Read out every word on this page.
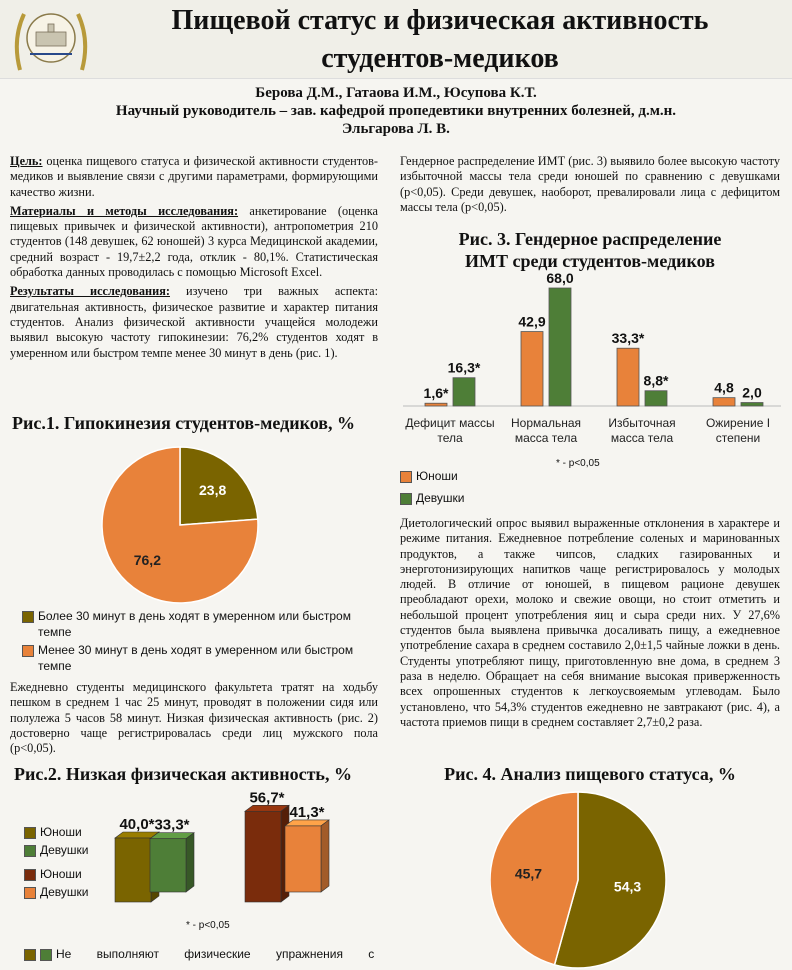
Пищевой статус и физическая активность
студентов-медиков
Берова Д.М., Гатаова И.М., Юсупова К.Т.
Научный руководитель – зав. кафедрой пропедевтики внутренних болезней, д.м.н.
Эльгарова Л. В.

Цель: оценка пищевого статуса и физической активности студентов-медиков и выявление связи с другими параметрами, формирующими качество жизни.

Материалы и методы исследования: анкетирование (оценка пищевых привычек и физической активности), антропометрия 210 студентов (148 девушек, 62 юношей) 3 курса Медицинской академии, средний возраст - 19,7±2,2 года, отклик - 80,1%. Статистическая обработка данных проводилась с помощью Microsoft Excel.

Результаты исследования: изучено три важных аспекта: двигательная активность, физическое развитие и характер питания студентов. Анализ физической активности учащейся молодежи выявил высокую частоту гипокинезии: 76,2% студентов ходят в умеренном или быстром темпе менее 30 минут в день (рис. 1).

Рис.1. Гипокинезия студентов-медиков, %
23,8
76,2
Более 30 минут в день ходят в умеренном или быстром темпе
Менее 30 минут в день ходят в умеренном или быстром темпе
Ежедневно студенты медицинского факультета тратят на ходьбу пешком в среднем 1 час 25 минут, проводят в положении сидя или полулежа 5 часов 58 минут. Низкая физическая активность (рис. 2) достоверно чаще регистрировалась среди лиц мужского пола (р<0,05).
Рис.2. Низкая физическая активность, %
Юноши
Девушки
Юноши
Девушки
40,0* 33,3*
56,7*
41,3*
* - p<0,05
Не выполняют физические упражнения с
Гендерное распределение ИМТ (рис. 3) выявило более высокую частоту избыточной массы тела среди юношей по сравнению с девушками (р<0,05). Среди девушек, наоборот, превалировали лица с дефицитом массы тела (р<0,05).
Рис. 3. Гендерное распределение
ИМТ среди студентов-медиков
1,6*
16,3*
Дефицит массы
тела
42,9
68,0
Нормальная
масса тела
33,3*
8,8*
Избыточная
масса тела
4,8 2,0
Ожирение I
степени
* - p<0,05
Юноши
Девушки
Диетологический опрос выявил выраженные отклонения в характере и режиме питания. Ежедневное потребление соленых и маринованных продуктов, а также чипсов, сладких газированных и энерготонизирующих напитков чаще регистрировалось у молодых людей. В отличие от юношей, в пищевом рационе девушек преобладают орехи, молоко и свежие овощи, но стоит отметить и небольшой процент употребления яиц и сыра среди них. У 27,6% студентов была выявлена привычка досаливать пищу, а ежедневное употребление сахара в среднем составило 2,0±1,5 чайные ложки в день. Студенты употребляют пищу, приготовленную вне дома, в среднем 3 раза в неделю. Обращает на себя внимание высокая приверженность всех опрошенных студентов к легкоусвояемым углеводам. Было установлено, что 54,3% студентов ежедневно не завтракают (рис. 4), а частота приемов пищи в среднем составляет 2,7±0,2 раза.
Рис. 4. Анализ пищевого статуса, %
54,3
45,7
